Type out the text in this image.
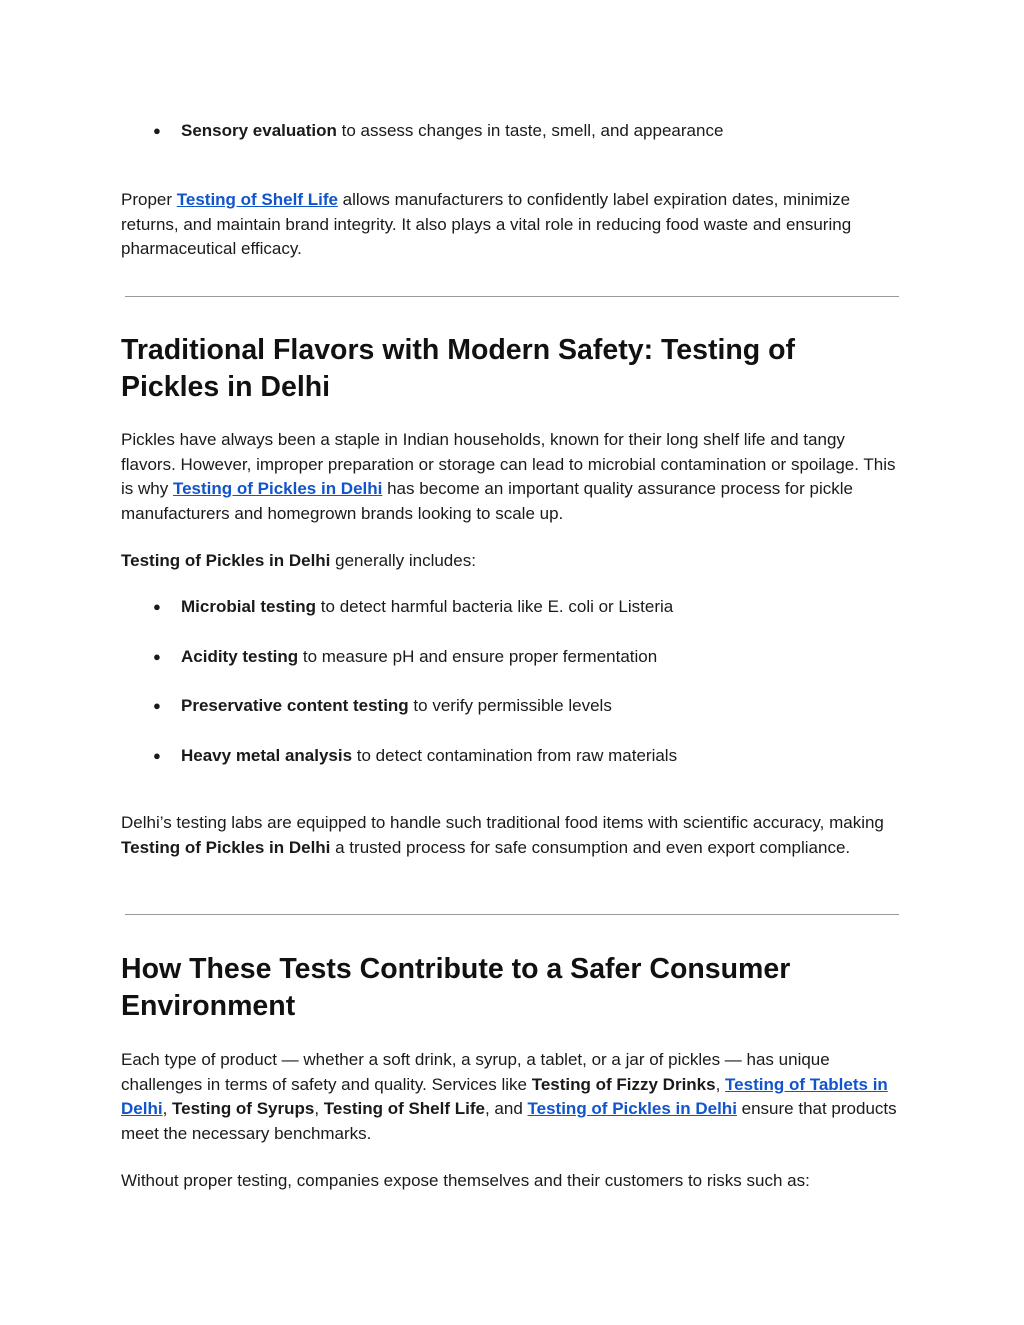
● Sensory evaluation to assess changes in taste, smell, and appearance

Proper Testing of Shelf Life allows manufacturers to confidently label expiration dates, minimize returns, and maintain brand integrity. It also plays a vital role in reducing food waste and ensuring pharmaceutical efficacy.

Traditional Flavors with Modern Safety: Testing of Pickles in Delhi

Pickles have always been a staple in Indian households, known for their long shelf life and tangy flavors. However, improper preparation or storage can lead to microbial contamination or spoilage. This is why Testing of Pickles in Delhi has become an important quality assurance process for pickle manufacturers and homegrown brands looking to scale up.

Testing of Pickles in Delhi generally includes:

● Microbial testing to detect harmful bacteria like E. coli or Listeria
● Acidity testing to measure pH and ensure proper fermentation
● Preservative content testing to verify permissible levels
● Heavy metal analysis to detect contamination from raw materials

Delhi’s testing labs are equipped to handle such traditional food items with scientific accuracy, making Testing of Pickles in Delhi a trusted process for safe consumption and even export compliance.

How These Tests Contribute to a Safer Consumer Environment

Each type of product — whether a soft drink, a syrup, a tablet, or a jar of pickles — has unique challenges in terms of safety and quality. Services like Testing of Fizzy Drinks, Testing of Tablets in Delhi, Testing of Syrups, Testing of Shelf Life, and Testing of Pickles in Delhi ensure that products meet the necessary benchmarks.

Without proper testing, companies expose themselves and their customers to risks such as:
